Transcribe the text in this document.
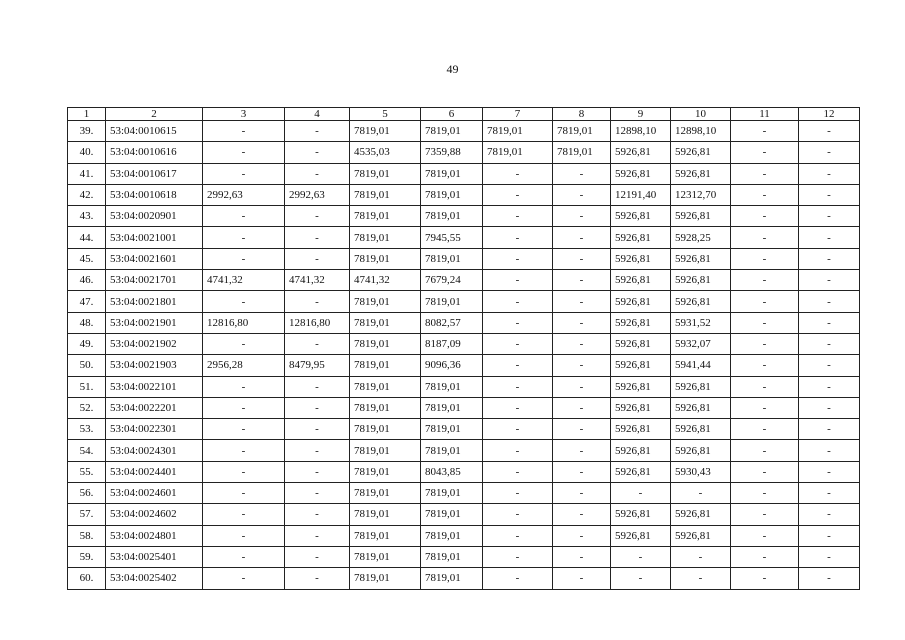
49
1	2	3	4	5	6	7	8	9	10	11	12
39.	53:04:0010615	-	-	7819,01	7819,01	7819,01	7819,01	12898,10	12898,10	-	-
40.	53:04:0010616	-	-	4535,03	7359,88	7819,01	7819,01	5926,81	5926,81	-	-
41.	53:04:0010617	-	-	7819,01	7819,01	-	-	5926,81	5926,81	-	-
42.	53:04:0010618	2992,63	2992,63	7819,01	7819,01	-	-	12191,40	12312,70	-	-
43.	53:04:0020901	-	-	7819,01	7819,01	-	-	5926,81	5926,81	-	-
44.	53:04:0021001	-	-	7819,01	7945,55	-	-	5926,81	5928,25	-	-
45.	53:04:0021601	-	-	7819,01	7819,01	-	-	5926,81	5926,81	-	-
46.	53:04:0021701	4741,32	4741,32	4741,32	7679,24	-	-	5926,81	5926,81	-	-
47.	53:04:0021801	-	-	7819,01	7819,01	-	-	5926,81	5926,81	-	-
48.	53:04:0021901	12816,80	12816,80	7819,01	8082,57	-	-	5926,81	5931,52	-	-
49.	53:04:0021902	-	-	7819,01	8187,09	-	-	5926,81	5932,07	-	-
50.	53:04:0021903	2956,28	8479,95	7819,01	9096,36	-	-	5926,81	5941,44	-	-
51.	53:04:0022101	-	-	7819,01	7819,01	-	-	5926,81	5926,81	-	-
52.	53:04:0022201	-	-	7819,01	7819,01	-	-	5926,81	5926,81	-	-
53.	53:04:0022301	-	-	7819,01	7819,01	-	-	5926,81	5926,81	-	-
54.	53:04:0024301	-	-	7819,01	7819,01	-	-	5926,81	5926,81	-	-
55.	53:04:0024401	-	-	7819,01	8043,85	-	-	5926,81	5930,43	-	-
56.	53:04:0024601	-	-	7819,01	7819,01	-	-	-	-	-	-
57.	53:04:0024602	-	-	7819,01	7819,01	-	-	5926,81	5926,81	-	-
58.	53:04:0024801	-	-	7819,01	7819,01	-	-	5926,81	5926,81	-	-
59.	53:04:0025401	-	-	7819,01	7819,01	-	-	-	-	-	-
60.	53:04:0025402	-	-	7819,01	7819,01	-	-	-	-	-	-
